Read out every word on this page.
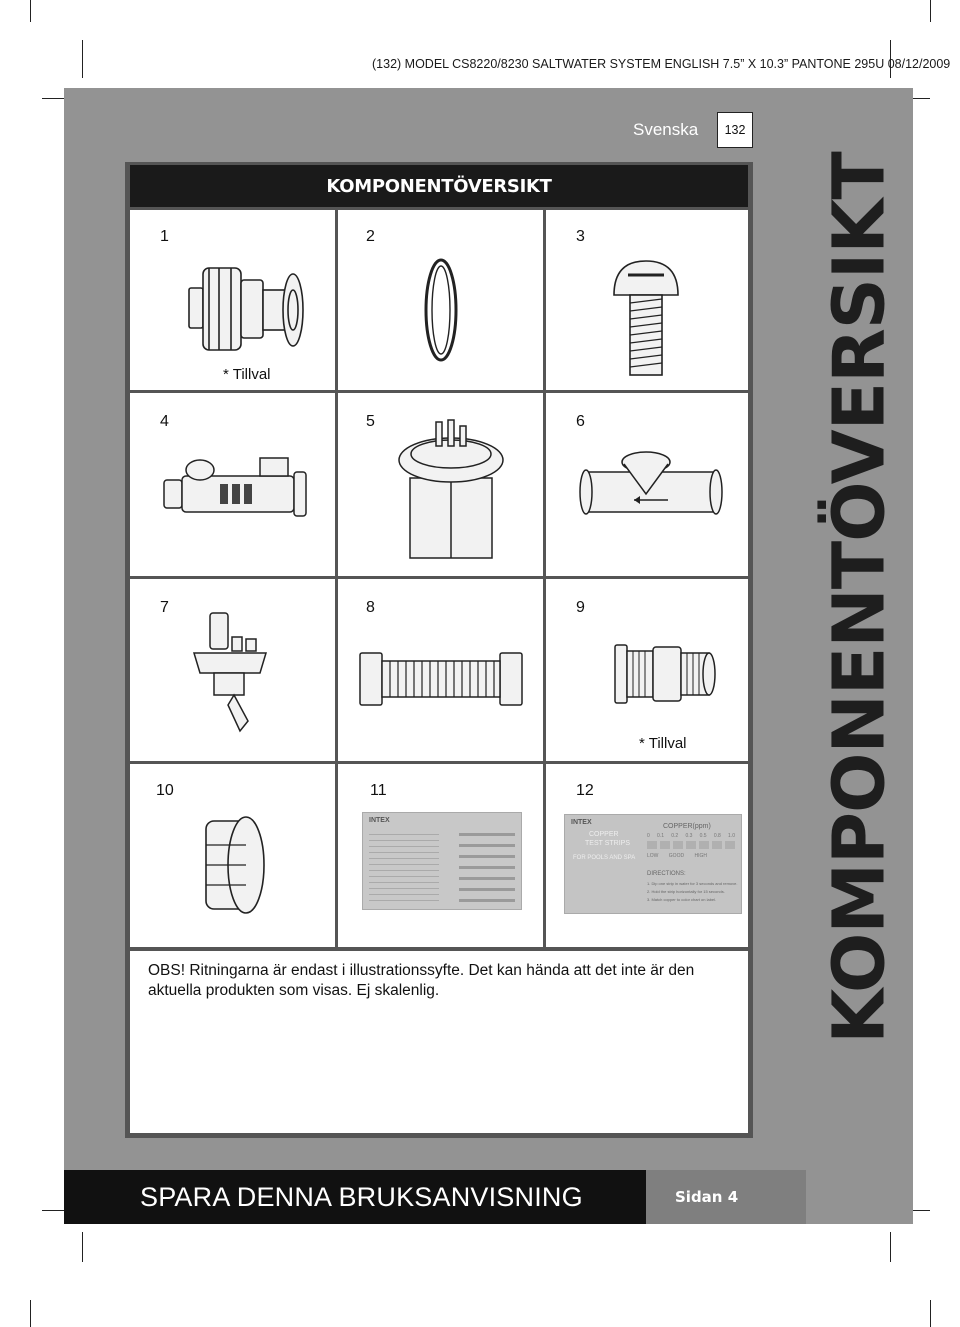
(132) MODEL CS8220/8230 SALTWATER SYSTEM ENGLISH 7.5” X 10.3” PANTONE 295U 08/12/2009
KOMPONENTÖVERSIKT
Svenska	132
KOMPONENTÖVERSIKT
1
* Tillval
2	3
4	5	6
7	8	9
* Tillval
10	11
INTEX
12
INTEX
COPPER
TEST STRIPS
FOR POOLS AND SPA
COPPER(ppm)
0 0.1 0.2 0.3 0.5 0.8 1.0
LOW GOOD HIGH
DIRECTIONS:
1. Dip one strip in water for 3 seconds and remove.
2. Hold the strip horizontally for 15 seconds.
3. Match copper to color chart on label.
OBS! Ritningarna är endast i illustrationssyfte. Det kan hända att det inte är den aktuella produkten som visas. Ej skalenlig.
SPARA DENNA BRUKSANVISNING	Sidan 4
